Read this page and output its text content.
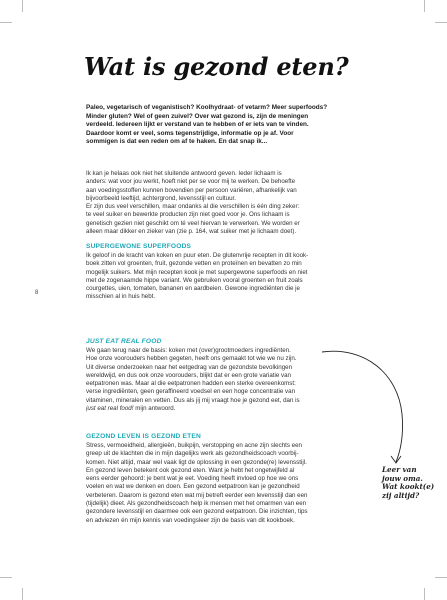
Wat is gezond eten?
Paleo, vegetarisch of veganistisch? Koolhydraat- of vetarm? Meer superfoods?
Minder gluten? Wel of geen zuivel? Over wat gezond is, zijn de meningen
verdeeld. Iedereen lijkt er verstand van te hebben of er iets van te vinden.
Daardoor komt er veel, soms tegenstrijdige, informatie op je af. Voor
sommigen is dat een reden om af te haken. En dat snap ik...
Ik kan je helaas ook niet het sluitende antwoord geven. Ieder lichaam is
anders: wat voor jou werkt, hoeft niet per se voor mij te werken. De behoefte
aan voedingsstoffen kunnen bovendien per persoon variëren, afhankelijk van
bijvoorbeeld leeftijd, achtergrond, levensstijl en cultuur.
Er zijn dus veel verschillen, maar ondanks al die verschillen is één ding zeker:
te veel suiker en bewerkte producten zijn niet goed voor je. Ons lichaam is
genetisch gezien niet geschikt om té veel hiervan te verwerken. We worden er
alleen maar dikker en zieker van (zie p. 164, wat suiker met je lichaam doet).
SUPERGEWONE SUPERFOODS
Ik geloof in de kracht van koken en puur eten. De glutenvrije recepten in dit kook-
boek zitten vol groenten, fruit, gezonde vetten en proteïnen en bevatten zo min
mogelijk suikers. Met mijn recepten kook je met supergewone superfoods en niet
met de zogenaamde hippe variant. We gebruiken vooral groenten en fruit zoals
courgettes, uien, tomaten, bananen en aardbeien. Gewone ingrediënten die je
misschien al in huis hebt.
8
JUST EAT REAL FOOD
We gaan terug naar de basis: koken met (over)grootmoeders ingrediënten.
Hoe onze voorouders hebben gegeten, heeft ons gemaakt tot wie we nu zijn.
Uit diverse onderzoeken naar het eetgedrag van de gezondste bevolkingen
wereldwijd, en dus ook onze voorouders, blijkt dat er een grote variatie van
eetpatronen was. Maar al die eetpatronen hadden een sterke overeenkomst:
verse ingrediënten, geen geraffineerd voedsel en een hoge concentratie van
vitaminen, mineralen en vetten. Dus als jij mij vraagt hoe je gezond eet, dan is
just eat real food! mijn antwoord.
GEZOND LEVEN IS GEZOND ETEN
Stress, vermoeidheid, allergieën, buikpijn, verstopping en acne zijn slechts een
greep uit de klachten die in mijn dagelijks werk als gezondheidscoach voorbij-
komen. Niet altijd, maar wel vaak ligt de oplossing in een gezonde(re) levensstijl.
En gezond leven betekent ook gezond eten. Want je hebt het ongetwijfeld al
eens eerder gehoord: je bent wat je eet. Voeding heeft invloed op hoe we ons
voelen en wat we denken en doen. Een gezond eetpatroon kan je gezondheid
verbeteren. Daarom is gezond eten wat mij betreft eerder een levensstijl dan een
(tijdelijk) dieet. Als gezondheidscoach help ik mensen met het omarmen van een
gezondere levensstijl en daarmee ook een gezond eetpatroon. Die inzichten, tips
en adviezen én mijn kennis van voedingsleer zijn de basis van dit kookboek.
Leer van
jouw oma.
Wat kookt(e)
zij altijd?
